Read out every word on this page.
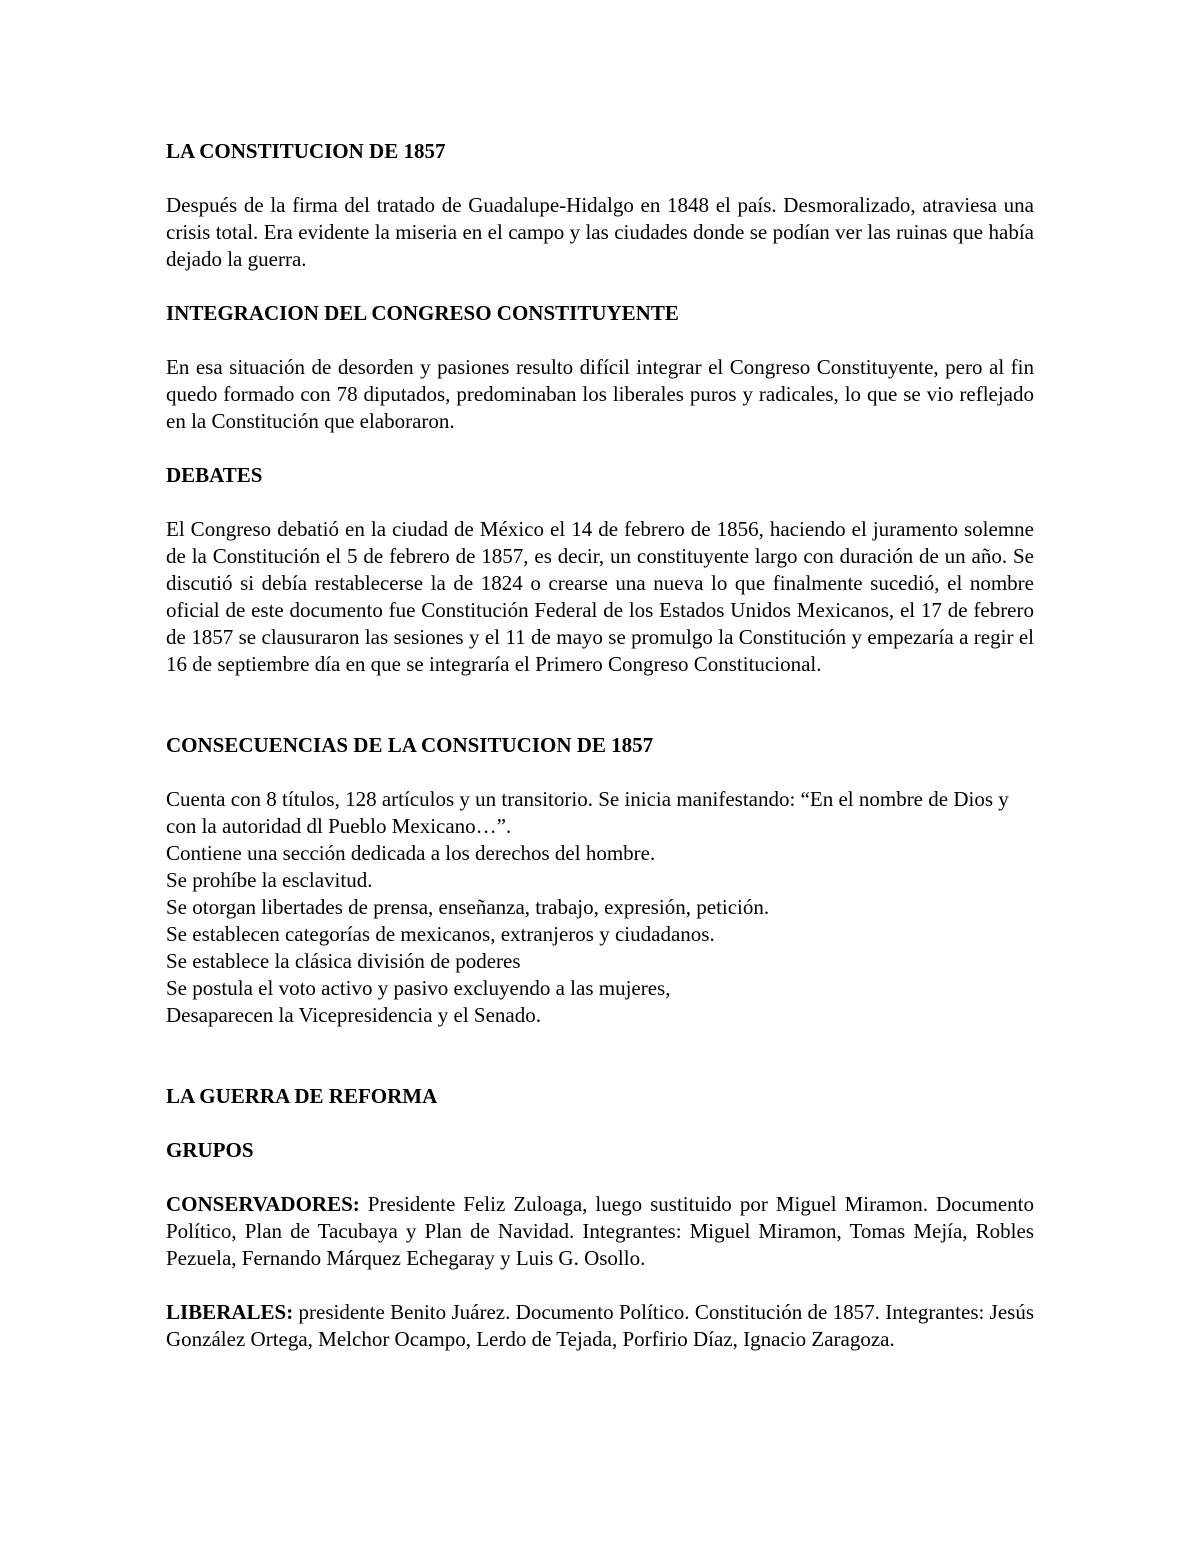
LA CONSTITUCION DE 1857

Después de la firma del tratado de Guadalupe-Hidalgo en 1848 el país. Desmoralizado, atraviesa una crisis total. Era evidente la miseria en el campo y las ciudades donde se podían ver las ruinas que había dejado la guerra.

INTEGRACION DEL CONGRESO CONSTITUYENTE

En esa situación de desorden y pasiones resulto difícil integrar el Congreso Constituyente, pero al fin quedo formado con 78 diputados, predominaban los liberales puros y radicales, lo que se vio reflejado en la Constitución que elaboraron.

DEBATES

El Congreso debatió en la ciudad de México el 14 de febrero de 1856, haciendo el juramento solemne de la Constitución el 5 de febrero de 1857, es decir, un constituyente largo con duración de un año. Se discutió si debía restablecerse la de 1824 o crearse una nueva lo que finalmente sucedió, el nombre oficial de este documento fue Constitución Federal de los Estados Unidos Mexicanos, el 17 de febrero de 1857 se clausuraron las sesiones y el 11 de mayo se promulgo la Constitución y empezaría a regir el 16 de septiembre día en que se integraría el Primero Congreso Constitucional.

CONSECUENCIAS DE LA CONSITUCION DE 1857

Cuenta con 8 títulos, 128 artículos y un transitorio. Se inicia manifestando: “En el nombre de Dios y con la autoridad dl Pueblo Mexicano…”.

Contiene una sección dedicada a los derechos del hombre.
Se prohíbe la esclavitud.
Se otorgan libertades de prensa, enseñanza, trabajo, expresión, petición.
Se establecen categorías de mexicanos, extranjeros y ciudadanos.
Se establece la clásica división de poderes
Se postula el voto activo y pasivo excluyendo a las mujeres,
Desaparecen la Vicepresidencia y el Senado.
LA GUERRA DE REFORMA
GRUPOS

CONSERVADORES: Presidente Feliz Zuloaga, luego sustituido por Miguel Miramon. Documento Político, Plan de Tacubaya y Plan de Navidad. Integrantes: Miguel Miramon, Tomas Mejía, Robles Pezuela, Fernando Márquez Echegaray y Luis G. Osollo.

LIBERALES: presidente Benito Juárez. Documento Político. Constitución de 1857. Integrantes: Jesús González Ortega, Melchor Ocampo, Lerdo de Tejada, Porfirio Díaz, Ignacio Zaragoza.
